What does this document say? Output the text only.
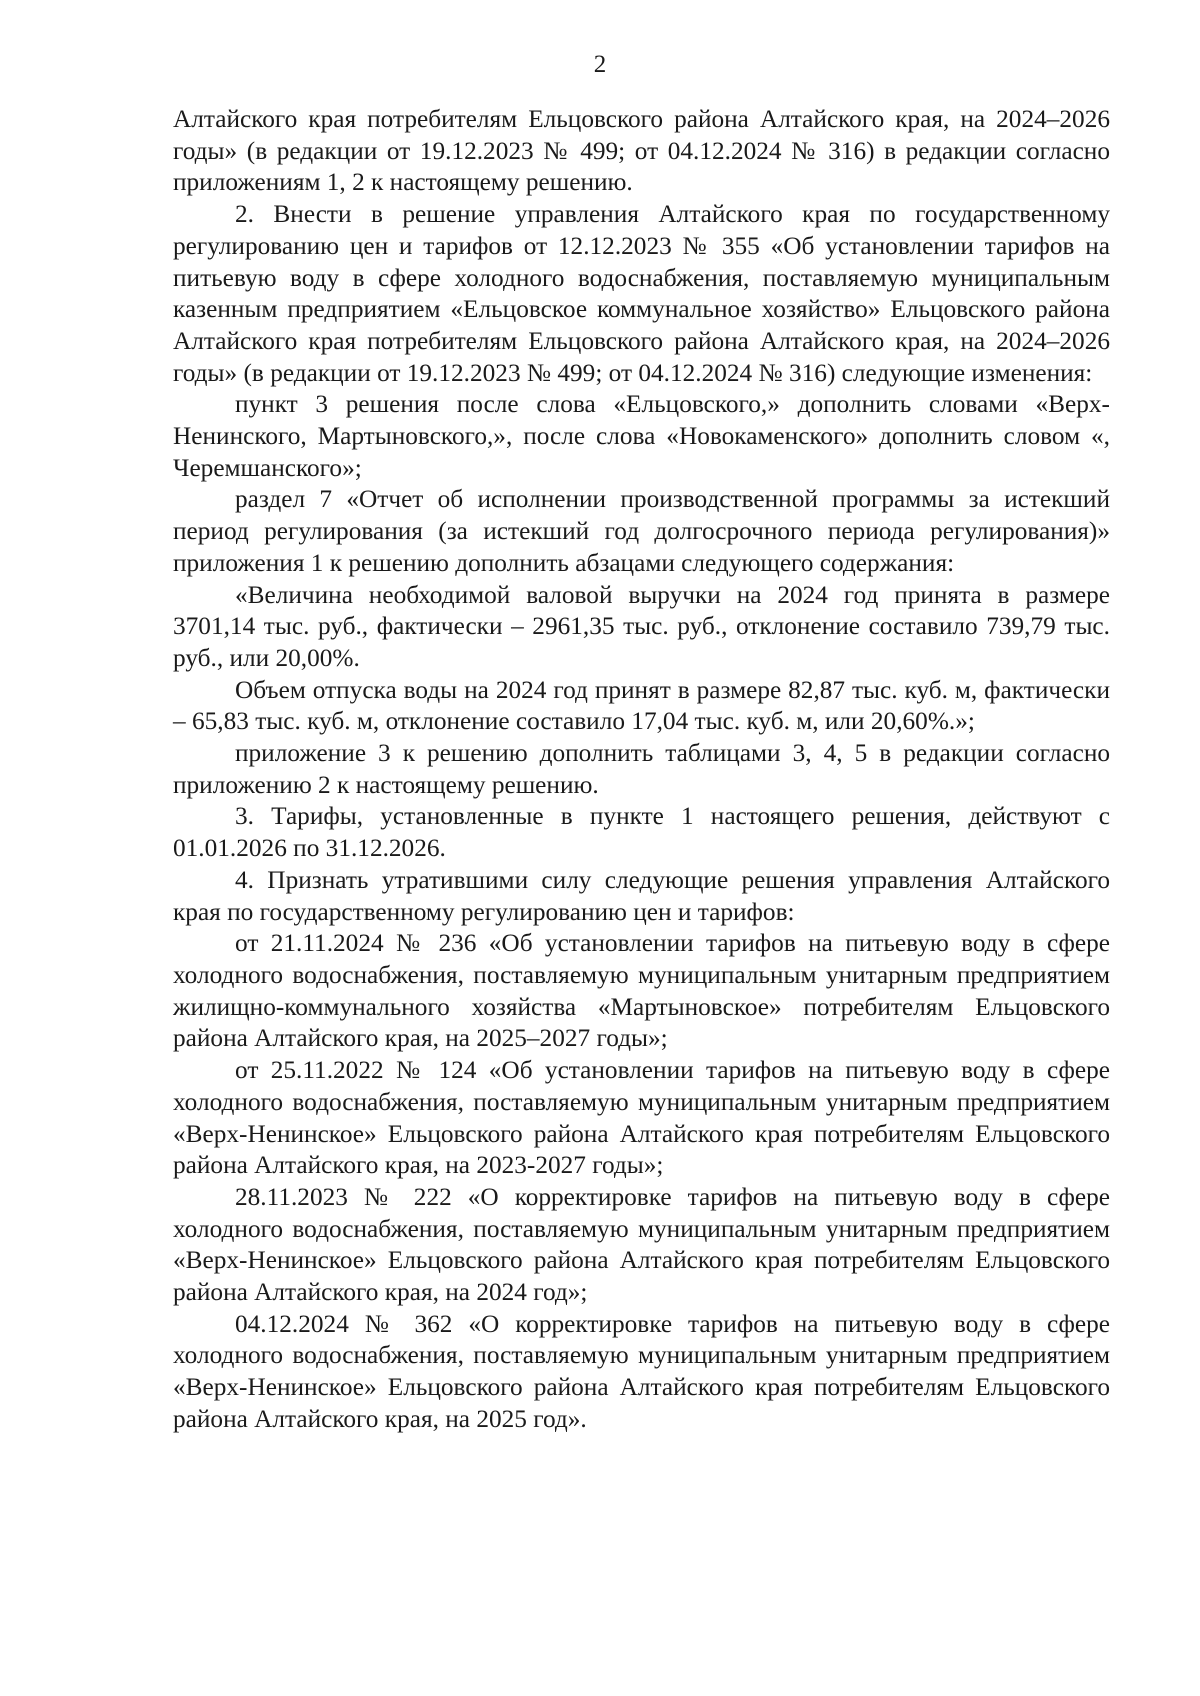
2

Алтайского края потребителям Ельцовского района Алтайского края, на 2024–2026 годы» (в редакции от 19.12.2023 № 499; от 04.12.2024 № 316) в редакции согласно приложениям 1, 2 к настоящему решению.

2. Внести в решение управления Алтайского края по государственному регулированию цен и тарифов от 12.12.2023 № 355 «Об установлении тарифов на питьевую воду в сфере холодного водоснабжения, поставляемую муниципальным казенным предприятием «Ельцовское коммунальное хозяйство» Ельцовского района Алтайского края потребителям Ельцовского района Алтайского края, на 2024–2026 годы» (в редакции от 19.12.2023 № 499; от 04.12.2024 № 316) следующие изменения:

пункт 3 решения после слова «Ельцовского,» дополнить словами «Верх-Ненинского, Мартыновского,», после слова «Новокаменского» дополнить словом «, Черемшанского»;

раздел 7 «Отчет об исполнении производственной программы за истекший период регулирования (за истекший год долгосрочного периода регулирования)» приложения 1 к решению дополнить абзацами следующего содержания:

«Величина необходимой валовой выручки на 2024 год принята в размере 3701,14 тыс. руб., фактически – 2961,35 тыс. руб., отклонение составило 739,79 тыс. руб., или 20,00%.

Объем отпуска воды на 2024 год принят в размере 82,87 тыс. куб. м, фактически – 65,83 тыс. куб. м, отклонение составило 17,04 тыс. куб. м, или 20,60%.»;

приложение 3 к решению дополнить таблицами 3, 4, 5 в редакции согласно приложению 2 к настоящему решению.

3. Тарифы, установленные в пункте 1 настоящего решения, действуют с 01.01.2026 по 31.12.2026.

4. Признать утратившими силу следующие решения управления Алтайского края по государственному регулированию цен и тарифов:

от 21.11.2024 № 236 «Об установлении тарифов на питьевую воду в сфере холодного водоснабжения, поставляемую муниципальным унитарным предприятием жилищно-коммунального хозяйства «Мартыновское» потребителям Ельцовского района Алтайского края, на 2025–2027 годы»;

от 25.11.2022 № 124 «Об установлении тарифов на питьевую воду в сфере холодного водоснабжения, поставляемую муниципальным унитарным предприятием «Верх-Ненинское» Ельцовского района Алтайского края потребителям Ельцовского района Алтайского края, на 2023-2027 годы»;

28.11.2023 № 222 «О корректировке тарифов на питьевую воду в сфере холодного водоснабжения, поставляемую муниципальным унитарным предприятием «Верх-Ненинское» Ельцовского района Алтайского края потребителям Ельцовского района Алтайского края, на 2024 год»;

04.12.2024 № 362 «О корректировке тарифов на питьевую воду в сфере холодного водоснабжения, поставляемую муниципальным унитарным предприятием «Верх-Ненинское» Ельцовского района Алтайского края потребителям Ельцовского района Алтайского края, на 2025 год».
